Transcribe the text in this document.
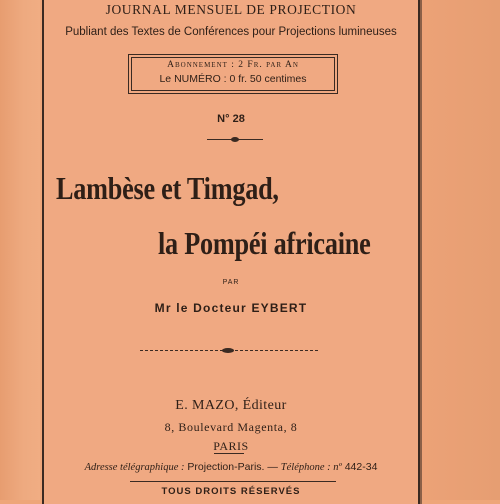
JOURNAL MENSUEL DE PROJECTION
Publiant des Textes de Conférences pour Projections lumineuses
Abonnement : 2 Fr. par An
Le NUMÉRO : 0 fr. 50 centimes
N° 28
Lambèse et Timgad,
la Pompéi africaine
PAR
Mr le Docteur EYBERT
E. MAZO, Éditeur
8, Boulevard Magenta, 8
PARIS
Adresse télégraphique : Projection-Paris. — Téléphone : nº 442-34
TOUS DROITS RÉSERVÉS
